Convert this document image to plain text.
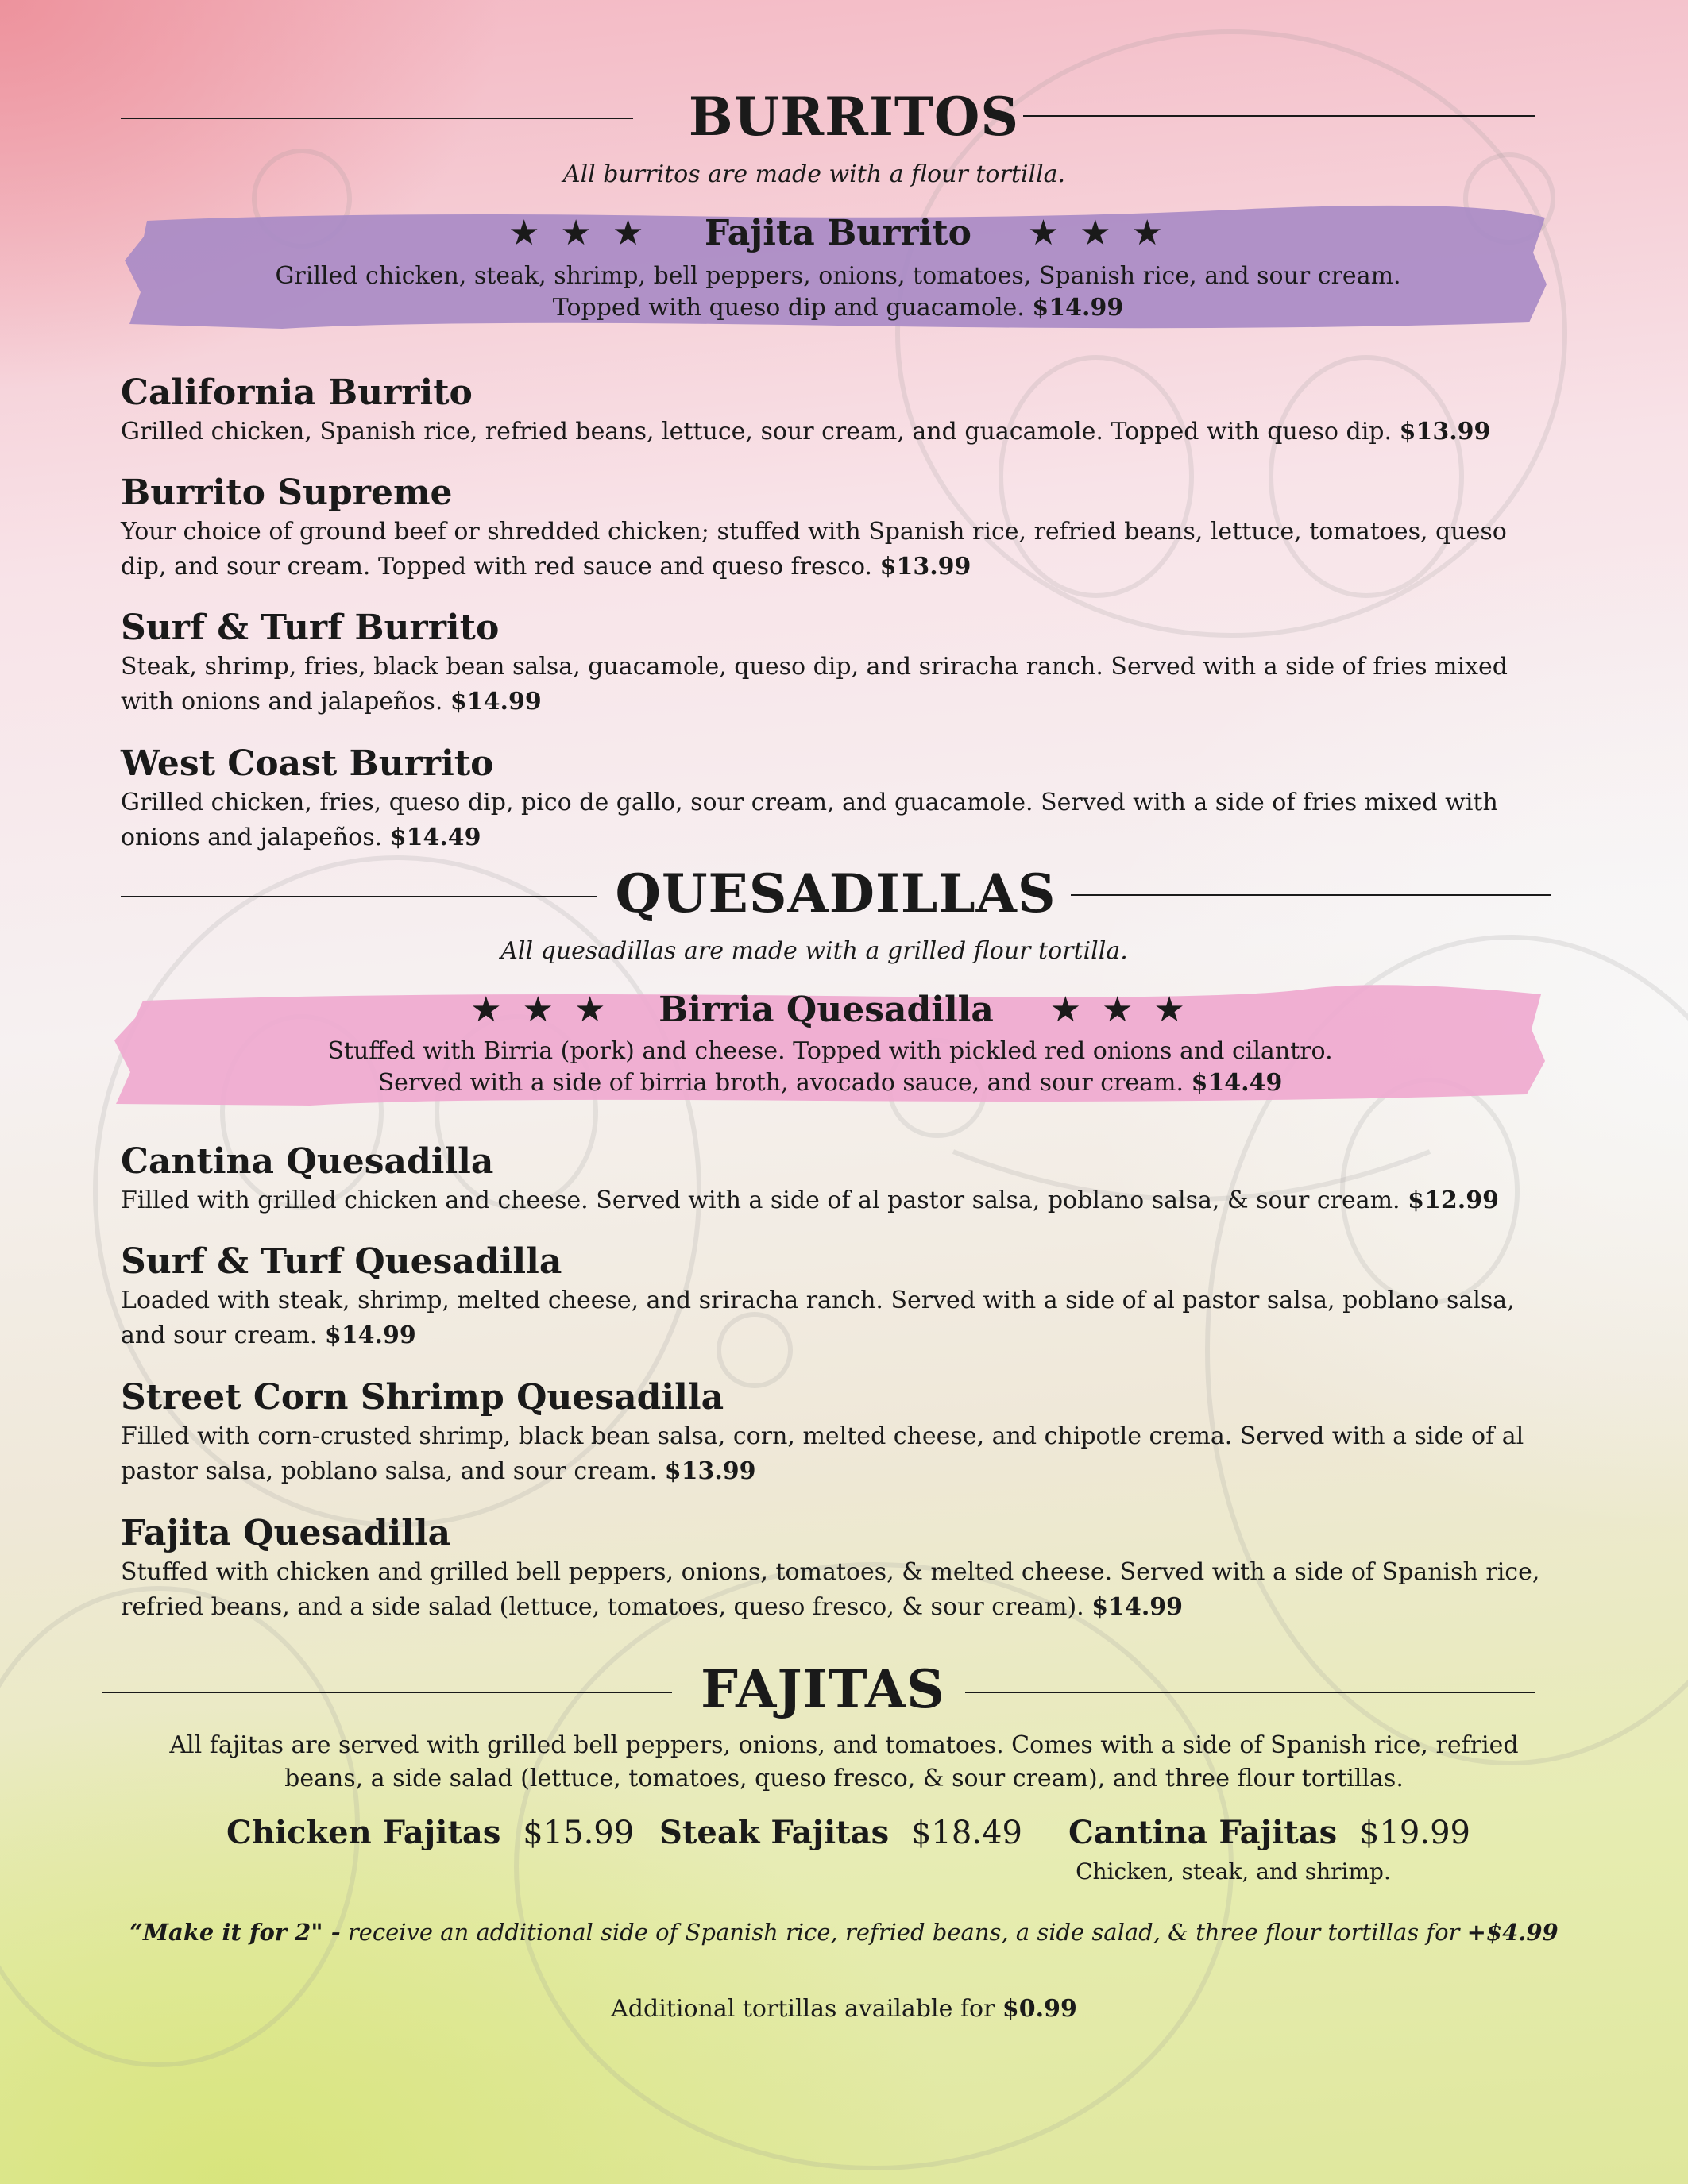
BURRITOS
All burritos are made with a flour tortilla.
★ ★ ★ Fajita Burrito ★ ★ ★
Grilled chicken, steak, shrimp, bell peppers, onions, tomatoes, Spanish rice, and sour cream.
Topped with queso dip and guacamole. $14.99
California Burrito
Grilled chicken, Spanish rice, refried beans, lettuce, sour cream, and guacamole. Topped with queso dip. $13.99
Burrito Supreme
Your choice of ground beef or shredded chicken; stuffed with Spanish rice, refried beans, lettuce, tomatoes, queso dip, and sour cream. Topped with red sauce and queso fresco. $13.99
Surf & Turf Burrito
Steak, shrimp, fries, black bean salsa, guacamole, queso dip, and sriracha ranch. Served with a side of fries mixed with onions and jalapeños. $14.99
West Coast Burrito
Grilled chicken, fries, queso dip, pico de gallo, sour cream, and guacamole. Served with a side of fries mixed with onions and jalapeños. $14.49
QUESADILLAS
All quesadillas are made with a grilled flour tortilla.
★ ★ ★ Birria Quesadilla ★ ★ ★
Stuffed with Birria (pork) and cheese. Topped with pickled red onions and cilantro.
Served with a side of birria broth, avocado sauce, and sour cream. $14.49
Cantina Quesadilla
Filled with grilled chicken and cheese. Served with a side of al pastor salsa, poblano salsa, & sour cream. $12.99
Surf & Turf Quesadilla
Loaded with steak, shrimp, melted cheese, and sriracha ranch. Served with a side of al pastor salsa, poblano salsa, and sour cream. $14.99
Street Corn Shrimp Quesadilla
Filled with corn-crusted shrimp, black bean salsa, corn, melted cheese, and chipotle crema. Served with a side of al pastor salsa, poblano salsa, and sour cream. $13.99
Fajita Quesadilla
Stuffed with chicken and grilled bell peppers, onions, tomatoes, & melted cheese. Served with a side of Spanish rice, refried beans, and a side salad (lettuce, tomatoes, queso fresco, & sour cream). $14.99
FAJITAS
All fajitas are served with grilled bell peppers, onions, and tomatoes. Comes with a side of Spanish rice, refried
beans, a side salad (lettuce, tomatoes, queso fresco, & sour cream), and three flour tortillas.
Chicken Fajitas $15.99 Steak Fajitas $18.49 Cantina Fajitas $19.99
Chicken, steak, and shrimp.
“Make it for 2" - receive an additional side of Spanish rice, refried beans, a side salad, & three flour tortillas for +$4.99
Additional tortillas available for $0.99
